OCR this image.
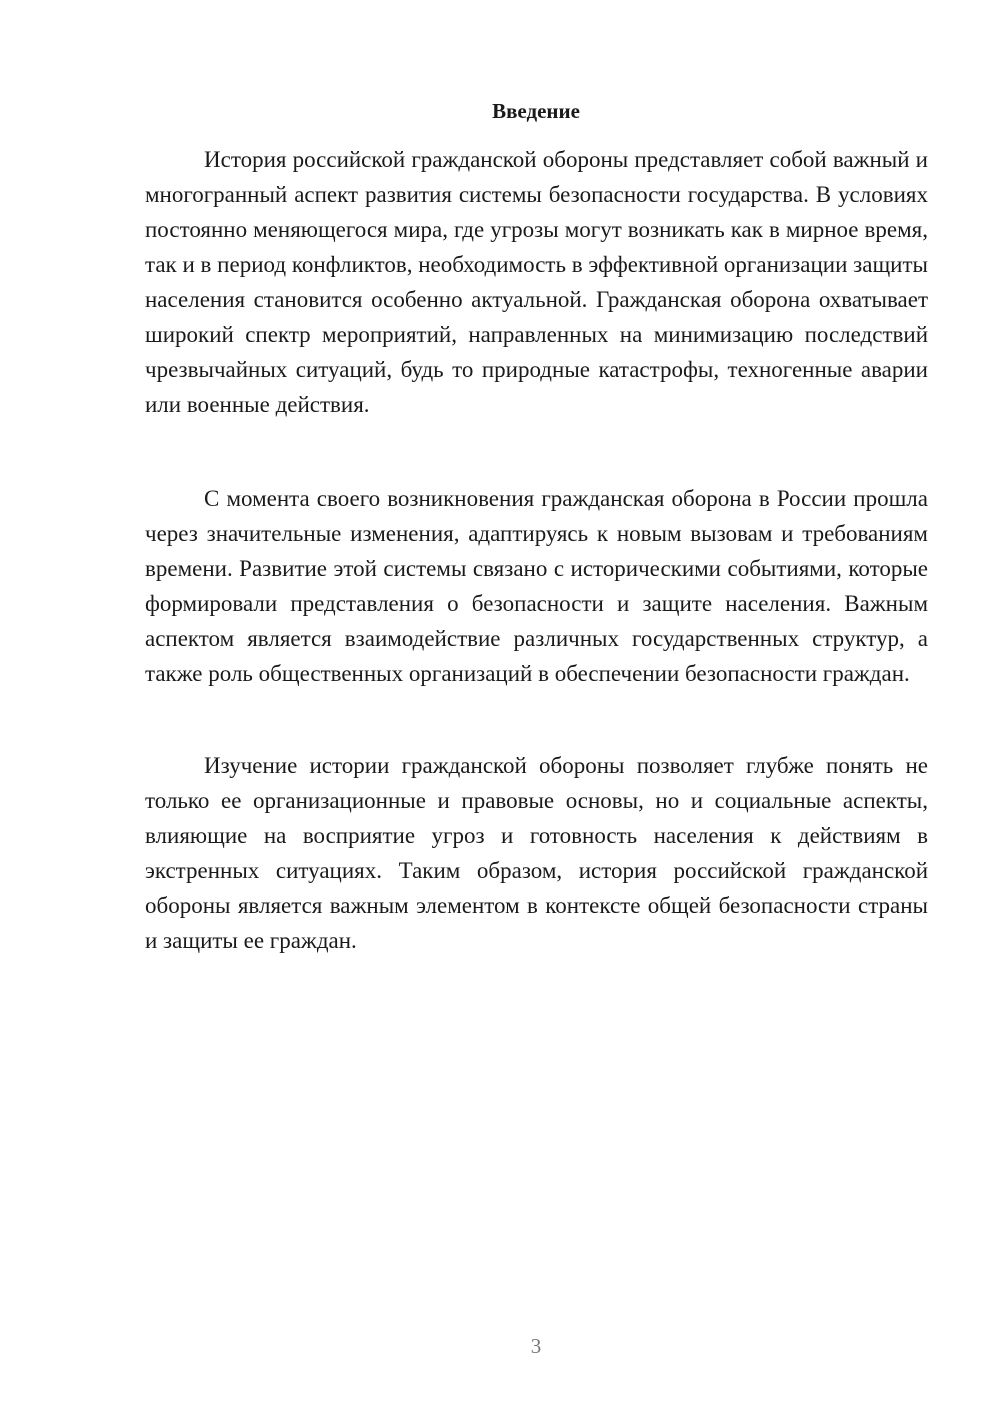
Введение

История российской гражданской обороны представляет собой важный и многогранный аспект развития системы безопасности государства. В условиях постоянно меняющегося мира, где угрозы могут возникать как в мирное время, так и в период конфликтов, необходимость в эффективной организации защиты населения становится особенно актуальной. Гражданская оборона охватывает широкий спектр мероприятий, направленных на минимизацию последствий чрезвычайных ситуаций, будь то природные катастрофы, техногенные аварии или военные действия.

С момента своего возникновения гражданская оборона в России прошла через значительные изменения, адаптируясь к новым вызовам и требованиям времени. Развитие этой системы связано с историческими событиями, которые формировали представления о безопасности и защите населения. Важным аспектом является взаимодействие различных государственных структур, а также роль общественных организаций в обеспечении безопасности граждан.

Изучение истории гражданской обороны позволяет глубже понять не только ее организационные и правовые основы, но и социальные аспекты, влияющие на восприятие угроз и готовность населения к действиям в экстренных ситуациях. Таким образом, история российской гражданской обороны является важным элементом в контексте общей безопасности страны и защиты ее граждан.

3
